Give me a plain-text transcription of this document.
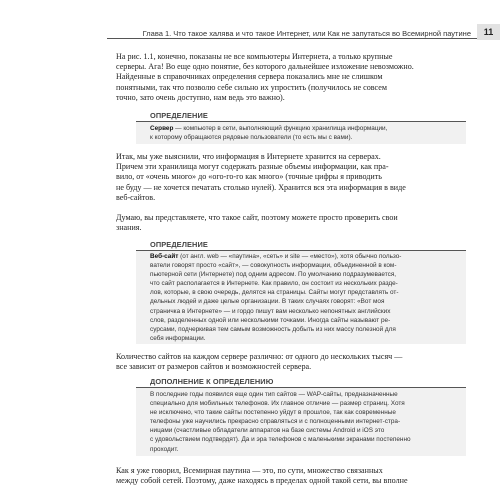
Глава 1. Что такое халява и что такое Интернет, или Как не запутаться во Всемирной паутине	11
На рис. 1.1, конечно, показаны не все компьютеры Интернета, а только крупные
серверы. Ага! Во еще одно понятие, без которого дальнейшее изложение невозможно.
Найденные в справочниках определения сервера показались мне не слишком
понятными, так что позволю себе сильно их упростить (получилось не совсем
точно, зато очень доступно, нам ведь это важно).
ОПРЕДЕЛЕНИЕ
Сервер — компьютер в сети, выполняющий функцию хранилища информации,
к которому обращаются рядовые пользователи (то есть мы с вами).
Итак, мы уже выяснили, что информация в Интернете хранится на серверах.
Причем эти хранилища могут содержать разные объемы информации, как пра-
вило, от «очень много» до «ого-го-го как много» (точные цифры я приводить
не буду — не хочется печатать столько нулей). Хранится вся эта информация в виде
веб-сайтов.
Думаю, вы представляете, что такое сайт, поэтому можете просто проверить свои
знания.
ОПРЕДЕЛЕНИЕ
Веб-сайт (от англ. web — «паутина», «сеть» и site — «место»), хотя обычно пользо-
ватели говорят просто «сайт», — совокупность информации, объединенной в ком-
пьютерной сети (Интернете) под одним адресом. По умолчанию подразумевается,
что сайт располагается в Интернете. Как правило, он состоит из нескольких разде-
лов, которые, в свою очередь, делятся на страницы. Сайты могут представлять от-
дельных людей и даже целые организации. В таких случаях говорят: «Вот моя
страничка в Интернете» — и гордо пишут вам несколько непонятных английских
слов, разделенных одной или несколькими точками. Иногда сайты называют ре-
сурсами, подчеркивая тем самым возможность добыть из них массу полезной для
себя информации.
Количество сайтов на каждом сервере различно: от одного до нескольких тысяч —
все зависит от размеров сайтов и возможностей сервера.
ДОПОЛНЕНИЕ К ОПРЕДЕЛЕНИЮ
В последние годы появился еще один тип сайтов — WAP-сайты, предназначенные
специально для мобильных телефонов. Их главное отличие — размер страниц. Хотя
не исключено, что такие сайты постепенно уйдут в прошлое, так как современные
телефоны уже научились прекрасно справляться и с полноценными интернет-стра-
ницами (счастливые обладатели аппаратов на базе системы Android и iOS это
с удовольствием подтвердят). Да и эра телефонов с маленькими экранами постепенно
проходит.
Как я уже говорил, Всемирная паутина — это, по сути, множество связанных
между собой сетей. Поэтому, даже находясь в пределах одной такой сети, вы вполне
